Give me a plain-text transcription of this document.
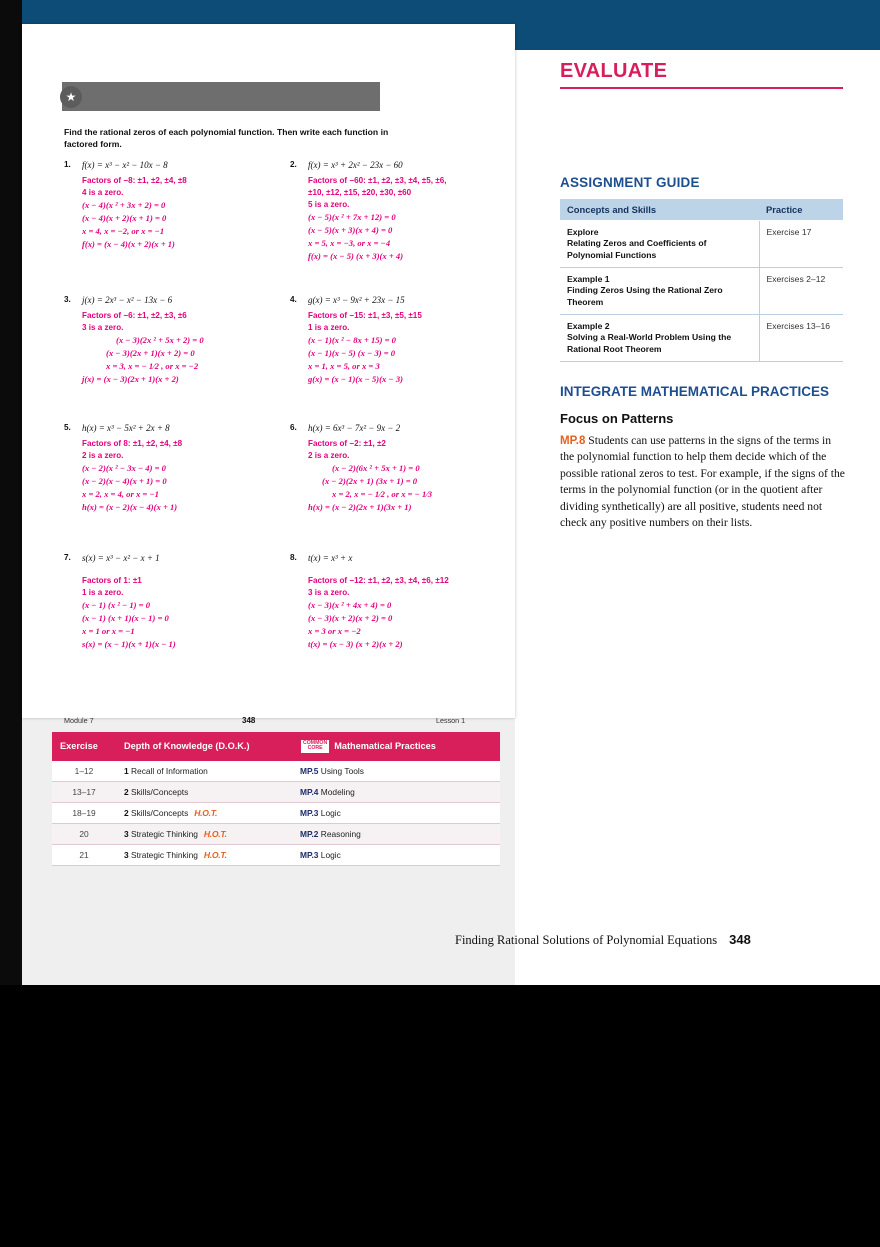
★
Find the rational zeros of each polynomial function. Then write each function in factored form.
1. f(x) = x³ − x² − 10x − 8
Factors of −8: ±1, ±2, ±4, ±8
4 is a zero.
(x − 4)(x ² + 3x + 2) = 0
(x − 4)(x + 2)(x + 1) = 0
x = 4, x = −2, or x = −1
f(x) = (x − 4)(x + 2)(x + 1)
2. f(x) = x³ + 2x² − 23x − 60
Factors of −60: ±1, ±2, ±3, ±4, ±5, ±6,
±10, ±12, ±15, ±20, ±30, ±60
5 is a zero.
(x − 5)(x ² + 7x + 12) = 0
(x − 5)(x + 3)(x + 4) = 0
x = 5, x = −3, or x = −4
f(x) = (x − 5) (x + 3)(x + 4)
3. j(x) = 2x³ − x² − 13x − 6
Factors of −6: ±1, ±2, ±3, ±6
3 is a zero.
(x − 3)(2x ² + 5x + 2) = 0
(x − 3)(2x + 1)(x + 2) = 0
x = 3, x = − 1⁄2 , or x = −2
j(x) = (x − 3)(2x + 1)(x + 2)
4. g(x) = x³ − 9x² + 23x − 15
Factors of −15: ±1, ±3, ±5, ±15
1 is a zero.
(x − 1)(x ² − 8x + 15) = 0
(x − 1)(x − 5) (x − 3) = 0
x = 1, x = 5, or x = 3
g(x) = (x − 1)(x − 5)(x − 3)
5. h(x) = x³ − 5x² + 2x + 8
Factors of 8: ±1, ±2, ±4, ±8
2 is a zero.
(x − 2)(x ² − 3x − 4) = 0
(x − 2)(x − 4)(x + 1) = 0
x = 2, x = 4, or x = −1
h(x) = (x − 2)(x − 4)(x + 1)
6. h(x) = 6x³ − 7x² − 9x − 2
Factors of −2: ±1, ±2
2 is a zero.
(x − 2)(6x ² + 5x + 1) = 0
(x − 2)(2x + 1) (3x + 1) = 0
x = 2, x = − 1⁄2 , or x = − 1⁄3
h(x) = (x − 2)(2x + 1)(3x + 1)
7. s(x) = x³ − x² − x + 1
Factors of 1: ±1
1 is a zero.
(x − 1) (x ² − 1) = 0
(x − 1) (x + 1)(x − 1) = 0
x = 1 or x = −1
s(x) = (x − 1)(x + 1)(x − 1)
8. t(x) = x³ + x
Factors of −12: ±1, ±2, ±3, ±4, ±6, ±12
3 is a zero.
(x − 3)(x ² + 4x + 4) = 0
(x − 3)(x + 2)(x + 2) = 0
x = 3 or x = −2
t(x) = (x − 3) (x + 2)(x + 2)
Module 7	348	Lesson 1
Exercise	Depth of Knowledge (D.O.K.)	COMMON
CORE Mathematical Practices
1–12	1 Recall of Information	MP.5 Using Tools
13–17	2 Skills/Concepts	MP.4 Modeling
18–19	2 Skills/Concepts H.O.T.	MP.3 Logic
20	3 Strategic Thinking H.O.T.	MP.2 Reasoning
21	3 Strategic Thinking H.O.T.	MP.3 Logic
Finding Rational Solutions of Polynomial Equations 348
EVALUATE
ASSIGNMENT GUIDE
Concepts and Skills	Practice
Explore
Relating Zeros and Coefficients of Polynomial Functions	Exercise 17
Example 1
Finding Zeros Using the Rational Zero Theorem	Exercises 2–12
Example 2
Solving a Real-World Problem Using the Rational Root Theorem	Exercises 13–16
INTEGRATE MATHEMATICAL PRACTICES
Focus on Patterns
MP.8 Students can use patterns in the signs of the terms in the polynomial function to help them decide which of the possible rational zeros to test. For example, if the signs of the terms in the polynomial function (or in the quotient after dividing synthetically) are all positive, students need not check any positive numbers on their lists.
